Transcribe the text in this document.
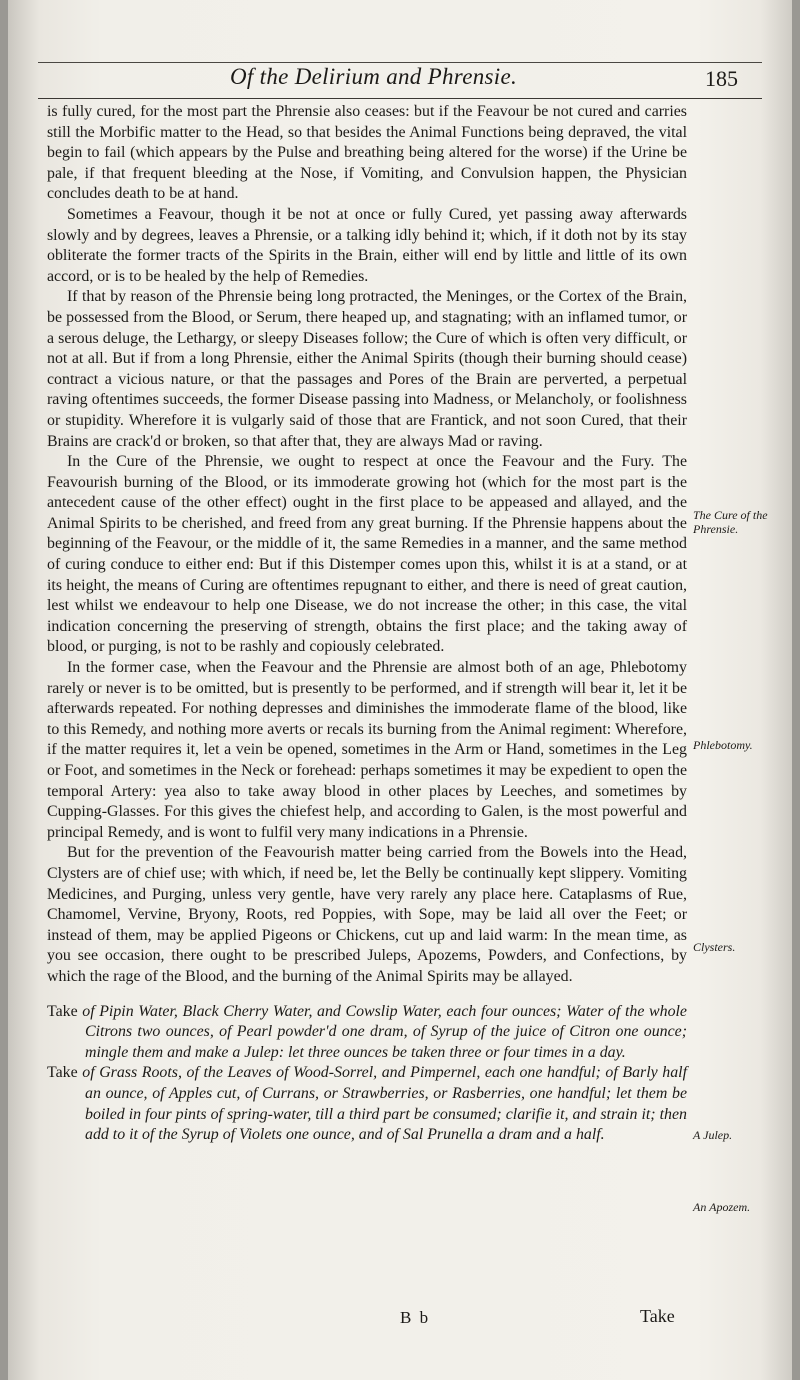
Of the Delirium and Phrensie.	185

is fully cured, for the most part the Phrensie also ceases: but if the Feavour be not cured and carries still the Morbific matter to the Head, so that besides the Animal Functions being depraved, the vital begin to fail (which appears by the Pulse and breathing being altered for the worse) if the Urine be pale, if that frequent bleeding at the Nose, if Vomiting, and Convulsion happen, the Physician concludes death to be at hand.

Sometimes a Feavour, though it be not at once or fully Cured, yet passing away afterwards slowly and by degrees, leaves a Phrensie, or a talking idly behind it; which, if it doth not by its stay obliterate the former tracts of the Spirits in the Brain, either will end by little and little of its own accord, or is to be healed by the help of Remedies.

If that by reason of the Phrensie being long protracted, the Meninges, or the Cortex of the Brain, be possessed from the Blood, or Serum, there heaped up, and stagnating; with an inflamed tumor, or a serous deluge, the Lethargy, or sleepy Diseases follow; the Cure of which is often very difficult, or not at all. But if from a long Phrensie, either the Animal Spirits (though their burning should cease) contract a vicious nature, or that the passages and Pores of the Brain are perverted, a perpetual raving oftentimes succeeds, the former Disease passing into Madness, or Melancholy, or foolishness or stupidity. Wherefore it is vulgarly said of those that are Frantick, and not soon Cured, that their Brains are crack'd or broken, so that after that, they are always Mad or raving.

In the Cure of the Phrensie, we ought to respect at once the Feavour and the Fury. The Feavourish burning of the Blood, or its immoderate growing hot (which for the most part is the antecedent cause of the other effect) ought in the first place to be appeased and allayed, and the Animal Spirits to be cherished, and freed from any great burning. If the Phrensie happens about the beginning of the Feavour, or the middle of it, the same Remedies in a manner, and the same method of curing conduce to either end: But if this Distemper comes upon this, whilst it is at a stand, or at its height, the means of Curing are oftentimes repugnant to either, and there is need of great caution, lest whilst we endeavour to help one Disease, we do not increase the other; in this case, the vital indication concerning the preserving of strength, obtains the first place; and the taking away of blood, or purging, is not to be rashly and copiously celebrated.

In the former case, when the Feavour and the Phrensie are almost both of an age, Phlebotomy rarely or never is to be omitted, but is presently to be performed, and if strength will bear it, let it be afterwards repeated. For nothing depresses and diminishes the immoderate flame of the blood, like to this Remedy, and nothing more averts or recals its burning from the Animal regiment: Wherefore, if the matter requires it, let a vein be opened, sometimes in the Arm or Hand, sometimes in the Leg or Foot, and sometimes in the Neck or forehead: perhaps sometimes it may be expedient to open the temporal Artery: yea also to take away blood in other places by Leeches, and sometimes by Cupping-Glasses. For this gives the chiefest help, and according to Galen, is the most powerful and principal Remedy, and is wont to fulfil very many indications in a Phrensie.

But for the prevention of the Feavourish matter being carried from the Bowels into the Head, Clysters are of chief use; with which, if need be, let the Belly be continually kept slippery. Vomiting Medicines, and Purging, unless very gentle, have very rarely any place here. Cataplasms of Rue, Chamomel, Vervine, Bryony, Roots, red Poppies, with Sope, may be laid all over the Feet; or instead of them, may be applied Pigeons or Chickens, cut up and laid warm: In the mean time, as you see occasion, there ought to be prescribed Juleps, Apozems, Powders, and Confections, by which the rage of the Blood, and the burning of the Animal Spirits may be allayed.

Take of Pipin Water, Black Cherry Water, and Cowslip Water, each four ounces; Water of the whole Citrons two ounces, of Pearl powder'd one dram, of Syrup of the juice of Citron one ounce; mingle them and make a Julep: let three ounces be taken three or four times in a day.

Take of Grass Roots, of the Leaves of Wood-Sorrel, and Pimpernel, each one handful; of Barly half an ounce, of Apples cut, of Currans, or Strawberries, or Rasberries, one handful; let them be boiled in four pints of spring-water, till a third part be consumed; clarifie it, and strain it; then add to it of the Syrup of Violets one ounce, and of Sal Prunella a dram and a half.

The Cure of the Phrensie.
Phlebotomy.
Clysters.
A Julep.
An Apozem.
B b	Take
